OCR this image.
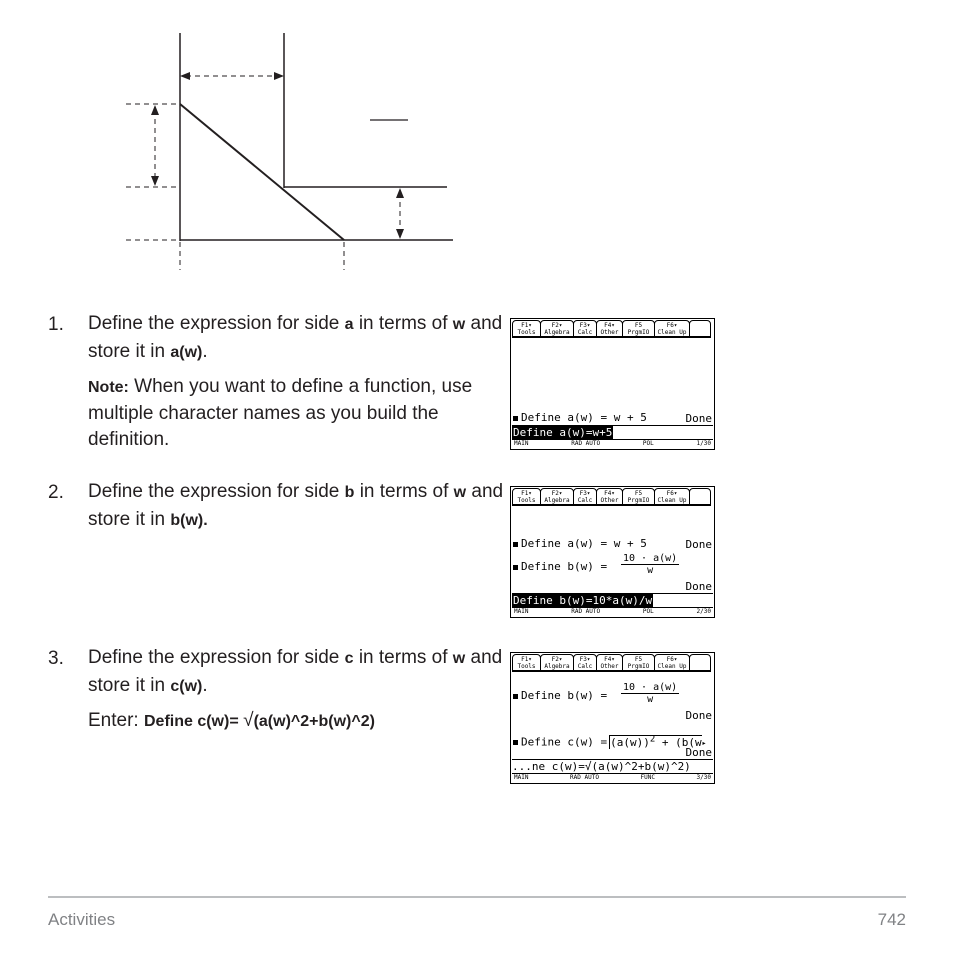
1. Define the expression for side a in terms of w and store it in a(w).
Note: When you want to define a function, use multiple character names as you build the definition.
2. Define the expression for side b in terms of w and store it in b(w).
3. Define the expression for side c in terms of w and store it in c(w).
Enter: Define c(w)= √(a(w)^2+b(w)^2)
F1▾
Tools
F2▾
Algebra
F3▾
Calc
F4▾
Other
F5
PrgmIO
F6▾
Clean Up
Define a(w) = w + 5	Done
Define a(w)=w+5
MAIN	RAD AUTO	POL	1/30
F1▾
Tools
F2▾
Algebra
F3▾
Calc
F4▾
Other
F5
PrgmIO
F6▾
Clean Up
Define a(w) = w + 5	Done
Define $b(w) = \frac{10 \cdot a(w)}{w}$
Done
Define b(w)=10*a(w)/w
MAIN	RAD AUTO	POL	2/30
F1▾
Tools
F2▾
Algebra
F3▾
Calc
F4▾
Other
F5
PrgmIO
F6▾
Clean Up
Define $b(w) = \frac{10 \cdot a(w)}{w}$
Done
Define $c(w) = (a(w))^2$ + (b(w▸
Done
...ne c(w)=√(a(w)^2+b(w)^2)
MAIN	RAD AUTO	FUNC	3/30
Activities	742
